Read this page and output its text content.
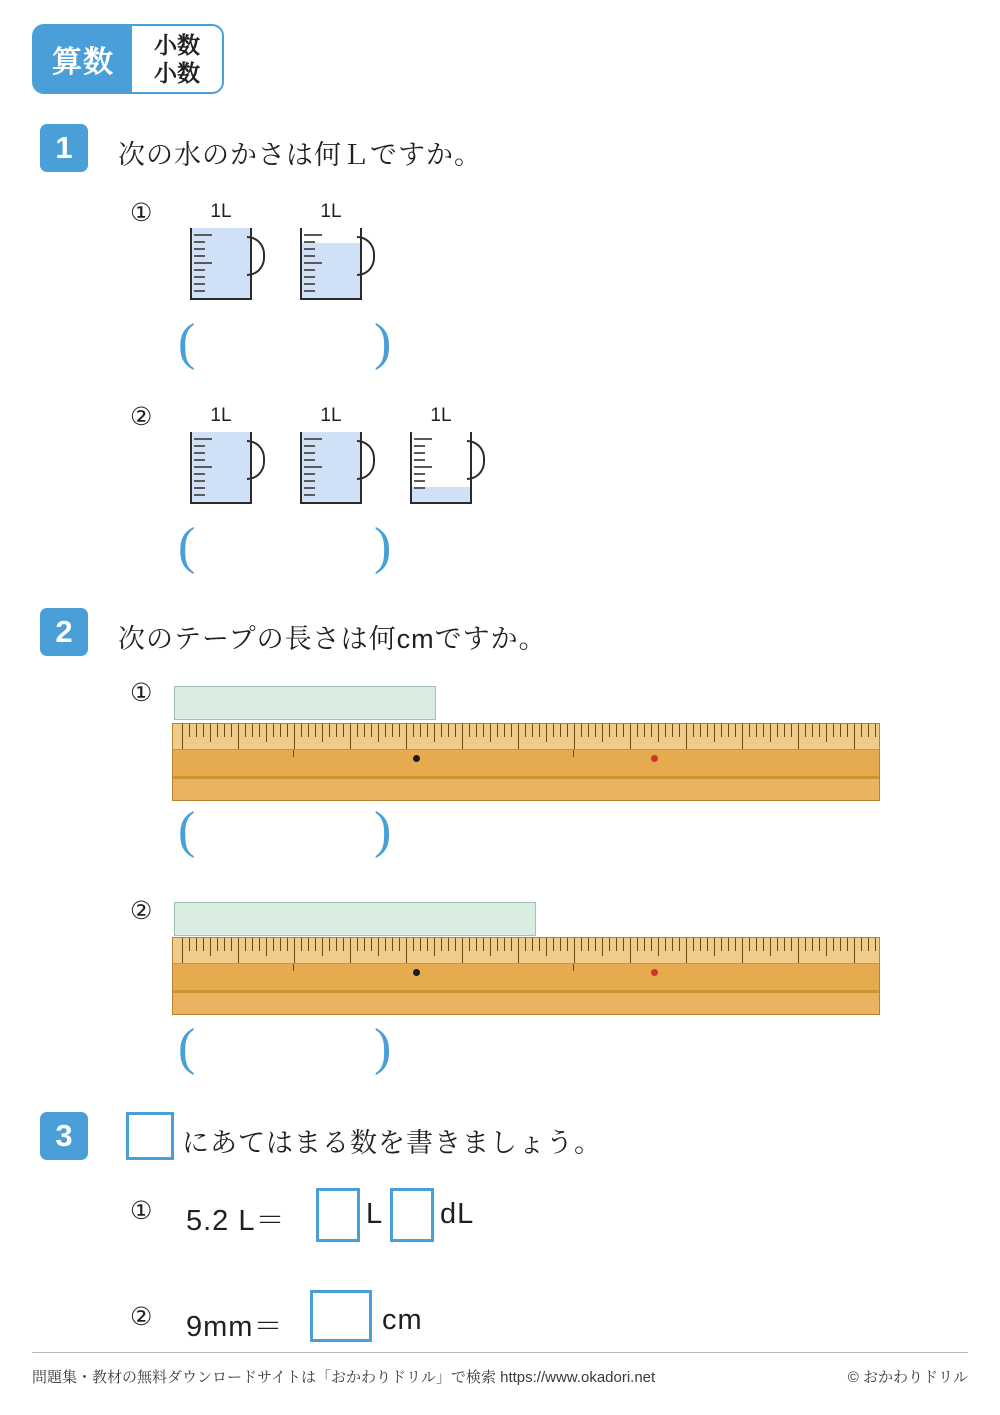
算数
小数
小数
1	次の水のかさは何Ｌですか。
①	1L	1L
(	)
②	1L	1L	1L
(	)
2	次のテープの長さは何cmですか。
①
(	)
②
(	)
3	にあてはまる数を書きましょう。
① 5.2 L＝	L dL
② 9mm＝	cm
問題集・教材の無料ダウンロードサイトは「おかわりドリル」で検索 https://www.okadori.net	© おかわりドリル
